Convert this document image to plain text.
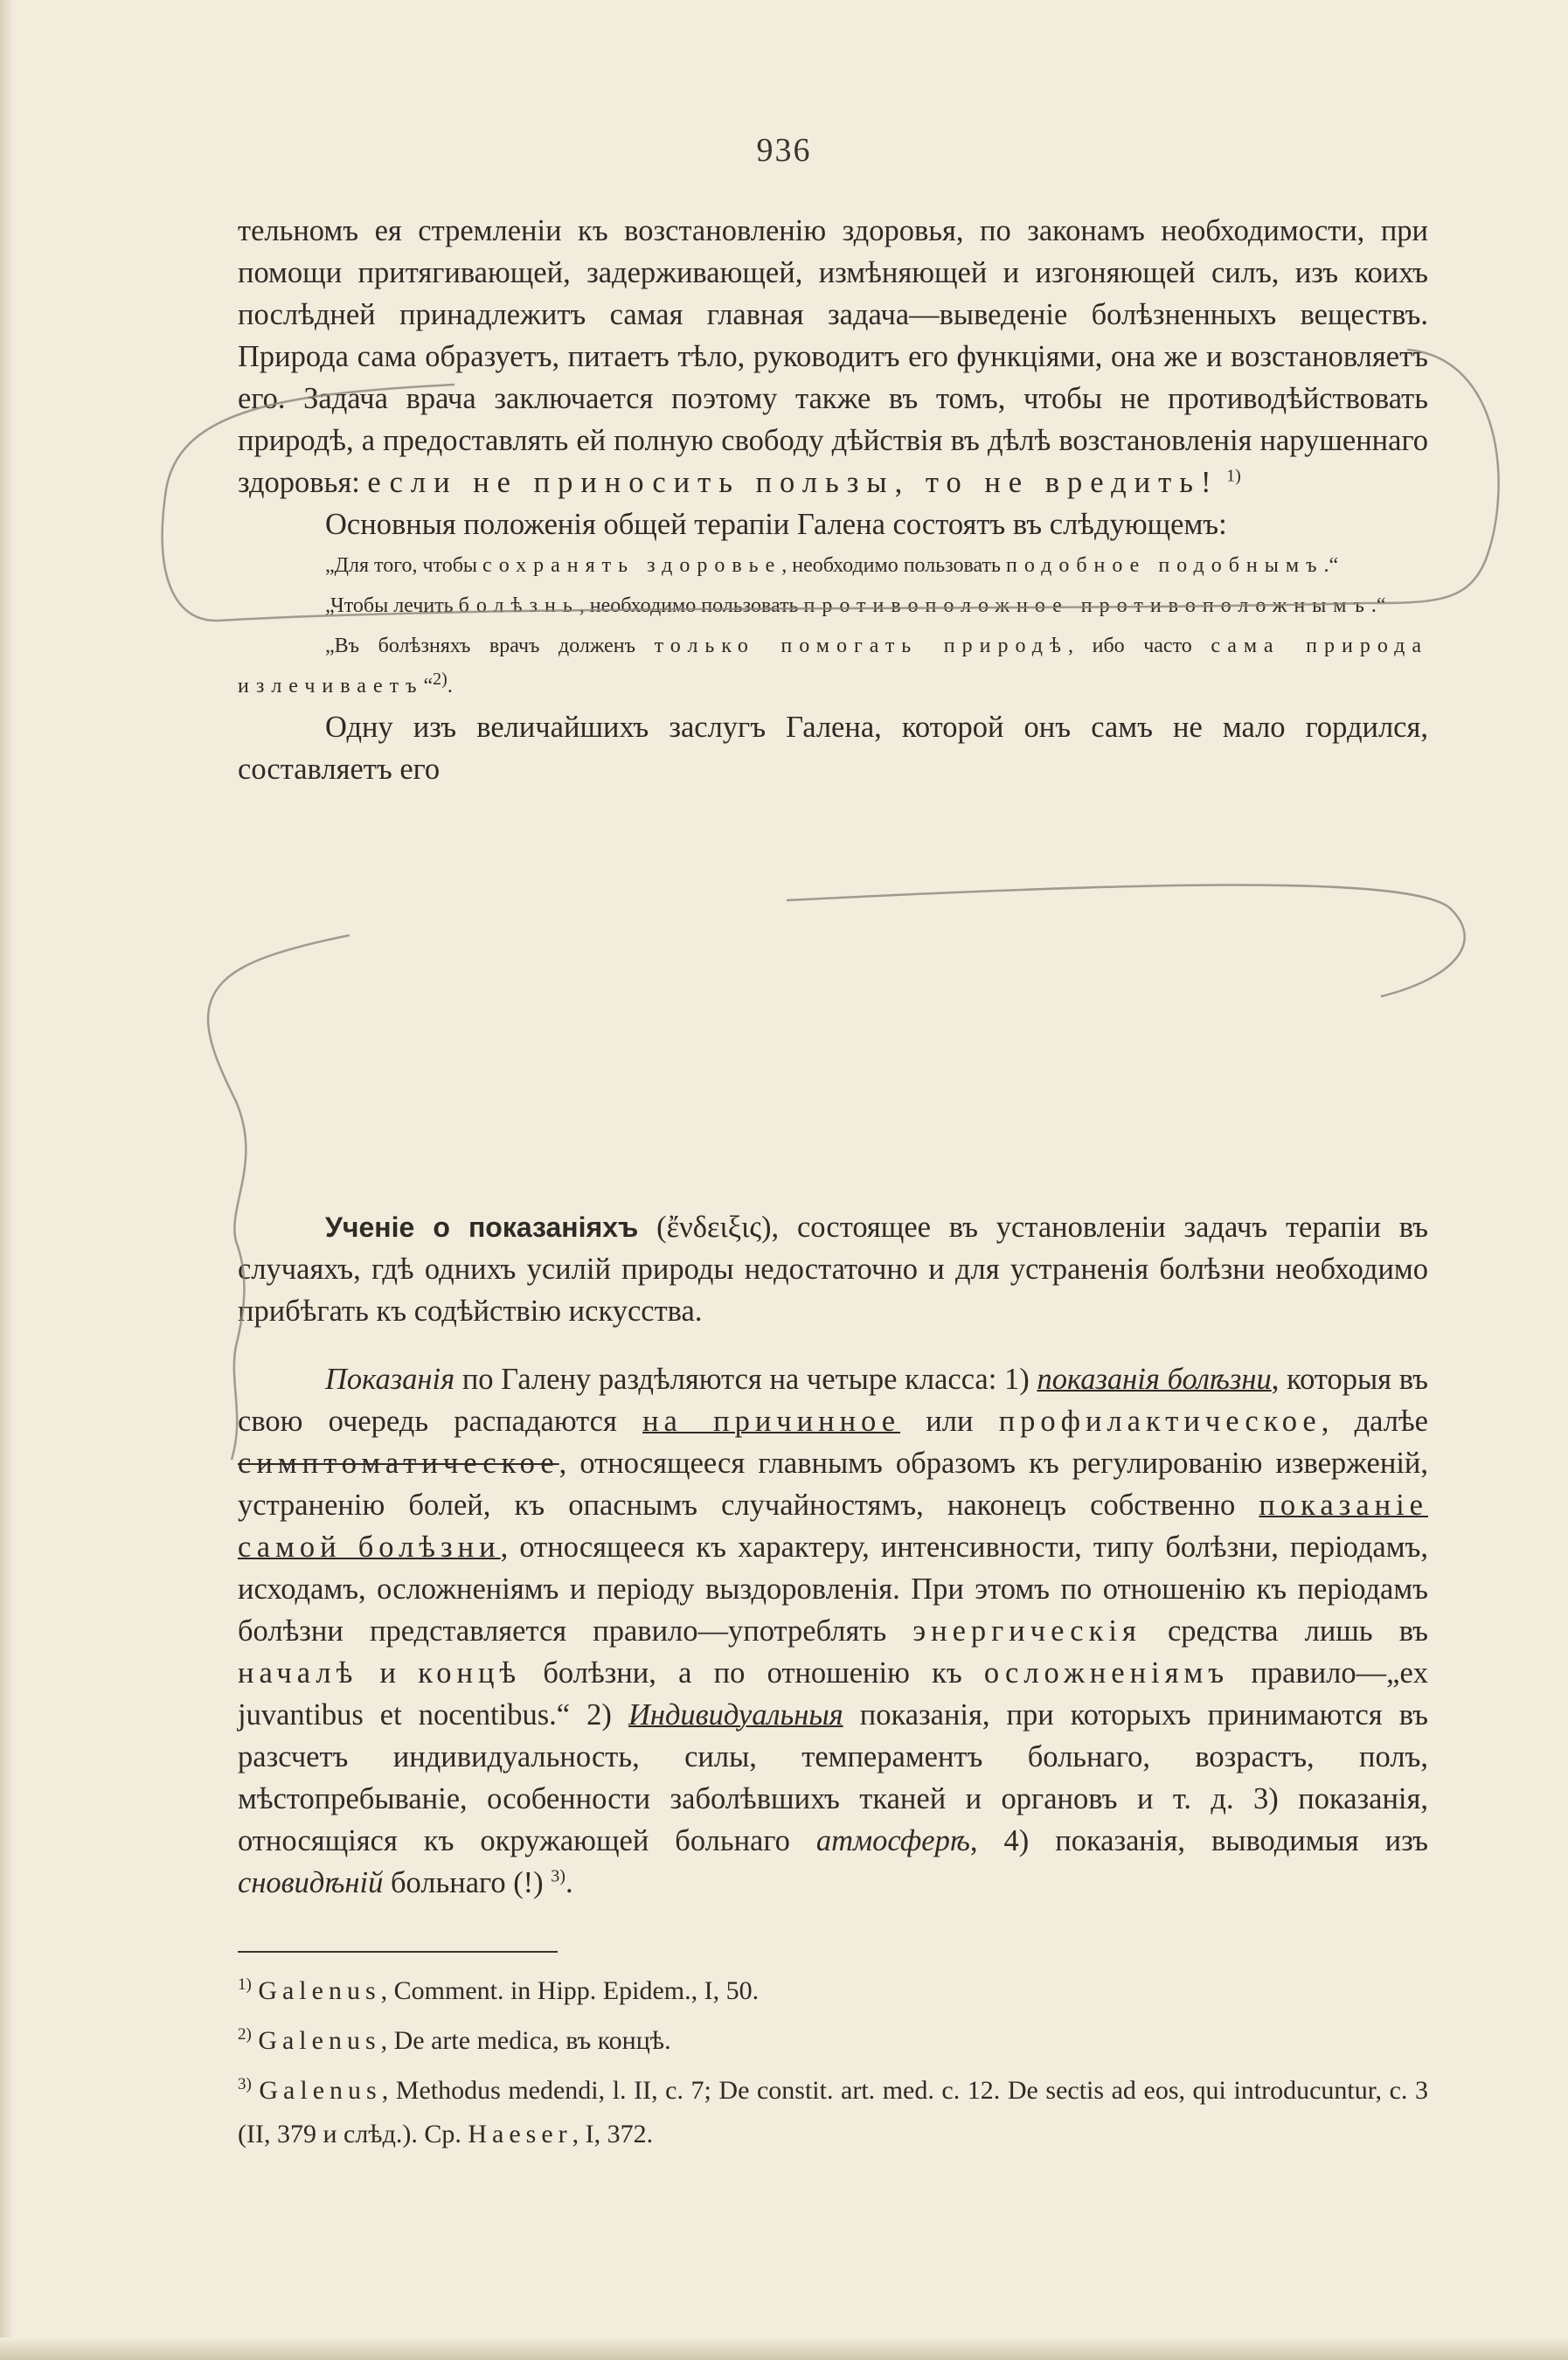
936

тельномъ ея стремленіи къ возстановленію здоровья, по законамъ необходимости, при помощи притягивающей, задерживающей, измѣняющей и изгоняющей силъ, изъ коихъ послѣдней принадлежитъ самая главная задача—выведеніе болѣзненныхъ веществъ. Природа сама образуетъ, питаетъ тѣло, руководитъ его функціями, она же и возстановляетъ его. Задача врача заключается поэтому также въ томъ, чтобы не противодѣйствовать природѣ, а предоставлять ей полную свободу дѣйствія въ дѣлѣ возстановленія нарушеннаго здоровья: если не приносить пользы, то не вредить! $^{1)}$

Основныя положенія общей терапіи Галена состоятъ въ слѣдующемъ:

„Для того, чтобы сохранять здоровье, необходимо пользовать подобное подобнымъ.“

„Чтобы лечить болѣзнь, необходимо пользовать противоположное противоположнымъ.“

„Въ болѣзняхъ врачъ долженъ только помогать природѣ, ибо часто сама природа излечиваетъ“$^{2)}$.

Одну изъ величайшихъ заслугъ Галена, которой онъ самъ не мало гордился, составляетъ его

Ученіе о показаніяхъ (ἔνδειξις), состоящее въ установленіи задачъ терапіи въ случаяхъ, гдѣ однихъ усилій природы недостаточно и для устраненія болѣзни необходимо прибѣгать къ содѣйствію искусства.

Показанія по Галену раздѣляются на четыре класса: 1) показанія болѣзни, которыя въ свою очередь распадаются на причинное или профилактическое, далѣе симптоматическое, относящееся главнымъ образомъ къ регулированію изверженій, устраненію болей, къ опаснымъ случайностямъ, наконецъ собственно показаніе самой болѣзни, относящееся къ характеру, интенсивности, типу болѣзни, періодамъ, исходамъ, осложненіямъ и періоду выздоровленія. При этомъ по отношенію къ періодамъ болѣзни представляется правило—употреблять энергическія средства лишь въ началѣ и концѣ болѣзни, а по отношенію къ осложненіямъ правило—„ex juvantibus et nocentibus.“ 2) Индивидуальныя показанія, при которыхъ принимаются въ разсчетъ индивидуальность, силы, темпераментъ больнаго, возрастъ, полъ, мѣстопребываніе, особенности заболѣвшихъ тканей и органовъ и т. д. 3) показанія, относящіяся къ окружающей больнаго атмосферѣ, 4) показанія, выводимыя изъ сновидѣній больнаго (!) $^{3)}$.

$^{1)}$ Galenus, Comment. in Hipp. Epidem., I, 50.

$^{2)}$ Galenus, De arte medica, въ концѣ.

$^{3)}$ Galenus, Methodus medendi, l. II, c. 7; De constit. art. med. c. 12. De sectis ad eos, qui introducuntur, c. 3 (II, 379 и слѣд.). Ср. Haeser, I, 372.
